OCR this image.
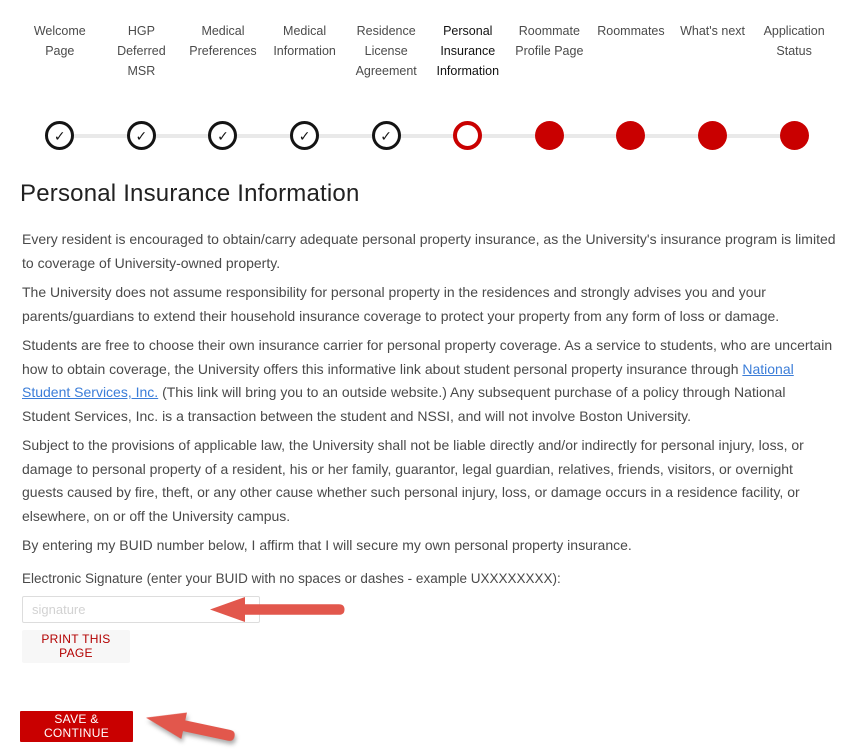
Welcome Page
HGP Deferred MSR
Medical Preferences
Medical Information
Residence License Agreement
Personal Insurance Information
Roommate Profile Page
Roommates	What's next	Application Status
✓	✓	✓	✓	✓
Personal Insurance Information

Every resident is encouraged to obtain/carry adequate personal property insurance, as the University's insurance program is limited to coverage of University-owned property.

The University does not assume responsibility for personal property in the residences and strongly advises you and your parents/guardians to extend their household insurance coverage to protect your property from any form of loss or damage.

Students are free to choose their own insurance carrier for personal property coverage. As a service to students, who are uncertain how to obtain coverage, the University offers this informative link about student personal property insurance through National Student Services, Inc. (This link will bring you to an outside website.) Any subsequent purchase of a policy through National Student Services, Inc. is a transaction between the student and NSSI, and will not involve Boston University.

Subject to the provisions of applicable law, the University shall not be liable directly and/or indirectly for personal injury, loss, or damage to personal property of a resident, his or her family, guarantor, legal guardian, relatives, friends, visitors, or overnight guests caused by fire, theft, or any other cause whether such personal injury, loss, or damage occurs in a residence facility, or elsewhere, on or off the University campus.

By entering my BUID number below, I affirm that I will secure my own personal property insurance.

Electronic Signature (enter your BUID with no spaces or dashes - example UXXXXXXXX):
signature
PRINT THIS PAGE
SAVE & CONTINUE
